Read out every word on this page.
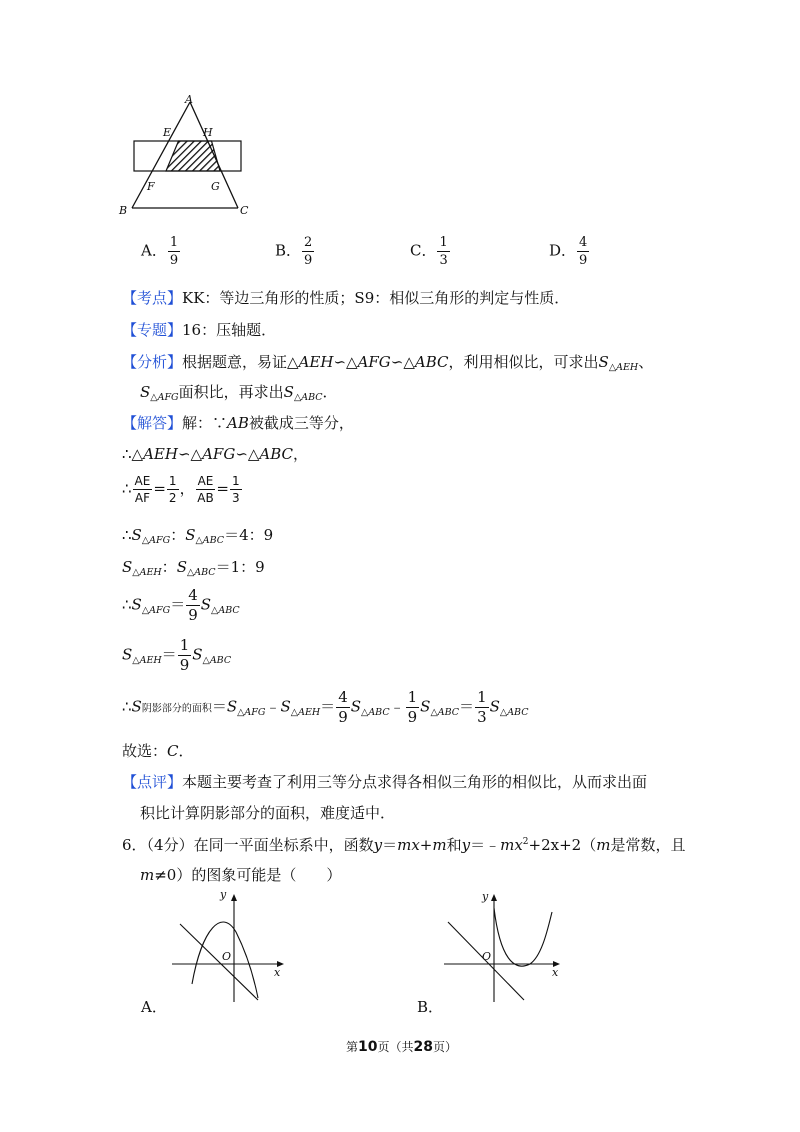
A
E	H
F	G
B	C
A． $\frac{1}{9}$	B． $\frac{2}{9}$	C． $\frac{1}{3}$	D． $\frac{4}{9}$
【考点】KK：等边三角形的性质；S9：相似三角形的判定与性质．
【专题】16：压轴题．
【分析】根据题意，易证△AEH∽△AFG∽△ABC，利用相似比，可求出$S_{\triangle AEH}$、
$S_{\triangle AFG}$面积比，再求出$S_{\triangle ABC}$．
【解答】解：∵AB被截成三等分，
∴△AEH∽△AFG∽△ABC，
∴ $\frac{AE}{AF} = \frac{1}{2}$ ， $\frac{AE}{AB} = \frac{1}{3}$
$\therefore S_{\triangle AFG}$：$S_{\triangle ABC}=4$：9
$S_{\triangle AEH}$：$S_{\triangle ABC}=1$：9
$\therefore S_{\triangle AFG}= \frac{4}{9} S_{\triangle ABC}$
$S_{\triangle AEH}= \frac{1}{9} S_{\triangle ABC}$
∴S阴影部分的面积$=S_{\triangle AFG}﹣S_{\triangle AEH}= \frac{4}{9}$ $S_{\triangle ABC}﹣ \frac{1}{9} S_{\triangle ABC}= \frac{1}{3} S_{\triangle ABC}$
故选：C．
【点评】本题主要考查了利用三等分点求得各相似三角形的相似比，从而求出面
积比计算阴影部分的面积，难度适中．
6．（4分）在同一平面坐标系中，函数y＝mx+m和$y=﹣mx^2+2x+2(m$是常数，且
m≠0）的图象可能是（　　）
y
x
O
A．
y
x
O
B．
第10页（共28页）
